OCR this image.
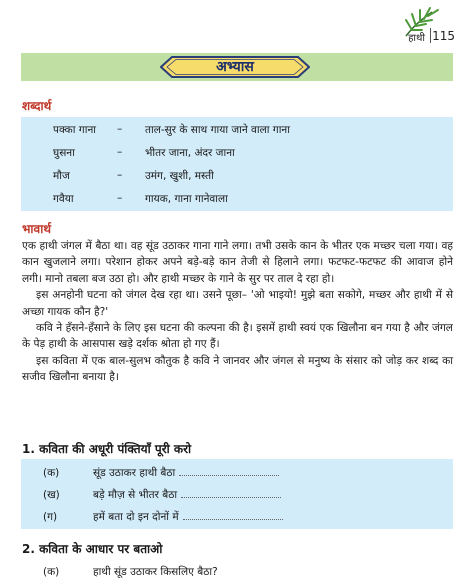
हाथी 115
अभ्यास
शब्दार्थ
पक्का गाना – ताल-सुर के साथ गाया जाने वाला गाना
घुसना	– भीतर जाना, अंदर जाना
मौज	– उमंग, खुशी, मस्ती
गवैया	– गायक, गाना गानेवाला
भावार्थ

एक हाथी जंगल में बैठा था। वह सूंड उठाकर गाना गाने लगा। तभी उसके कान के भीतर एक मच्छर चला गया। वह कान खुजलाने लगा। परेशान होकर अपने बड़े-बड़े कान तेजी से हिलाने लगा। फटफट-फटफट की आवाज होने लगी। मानो तबला बज उठा हो। और हाथी मच्छर के गाने के सुर पर ताल दे रहा हो।

इस अनहोनी घटना को जंगल देख रहा था। उसने पूछा– 'ओ भाइयो! मुझे बता सकोगे, मच्छर और हाथी में से अच्छा गायक कौन है?'

कवि ने हँसने-हँसाने के लिए इस घटना की कल्पना की है। इसमें हाथी स्वयं एक खिलौना बन गया है और जंगल के पेड़ हाथी के आसपास खड़े दर्शक श्रोता हो गए हैं।

इस कविता में एक बाल-सुलभ कौतुक है कवि ने जानवर और जंगल से मनुष्य के संसार को जोड़ कर शब्द का सजीव खिलौना बनाया है।

1. कविता की अधूरी पंक्तियाँ पूरी करो
(क)	सूंड उठाकर हाथी बैठा
(ख)	बड़े मौज़ से भीतर बैठा
(ग)	हमें बता दो इन दोनों में
2. कविता के आधार पर बताओ
(क)	हाथी सूंड उठाकर किसलिए बैठा?
